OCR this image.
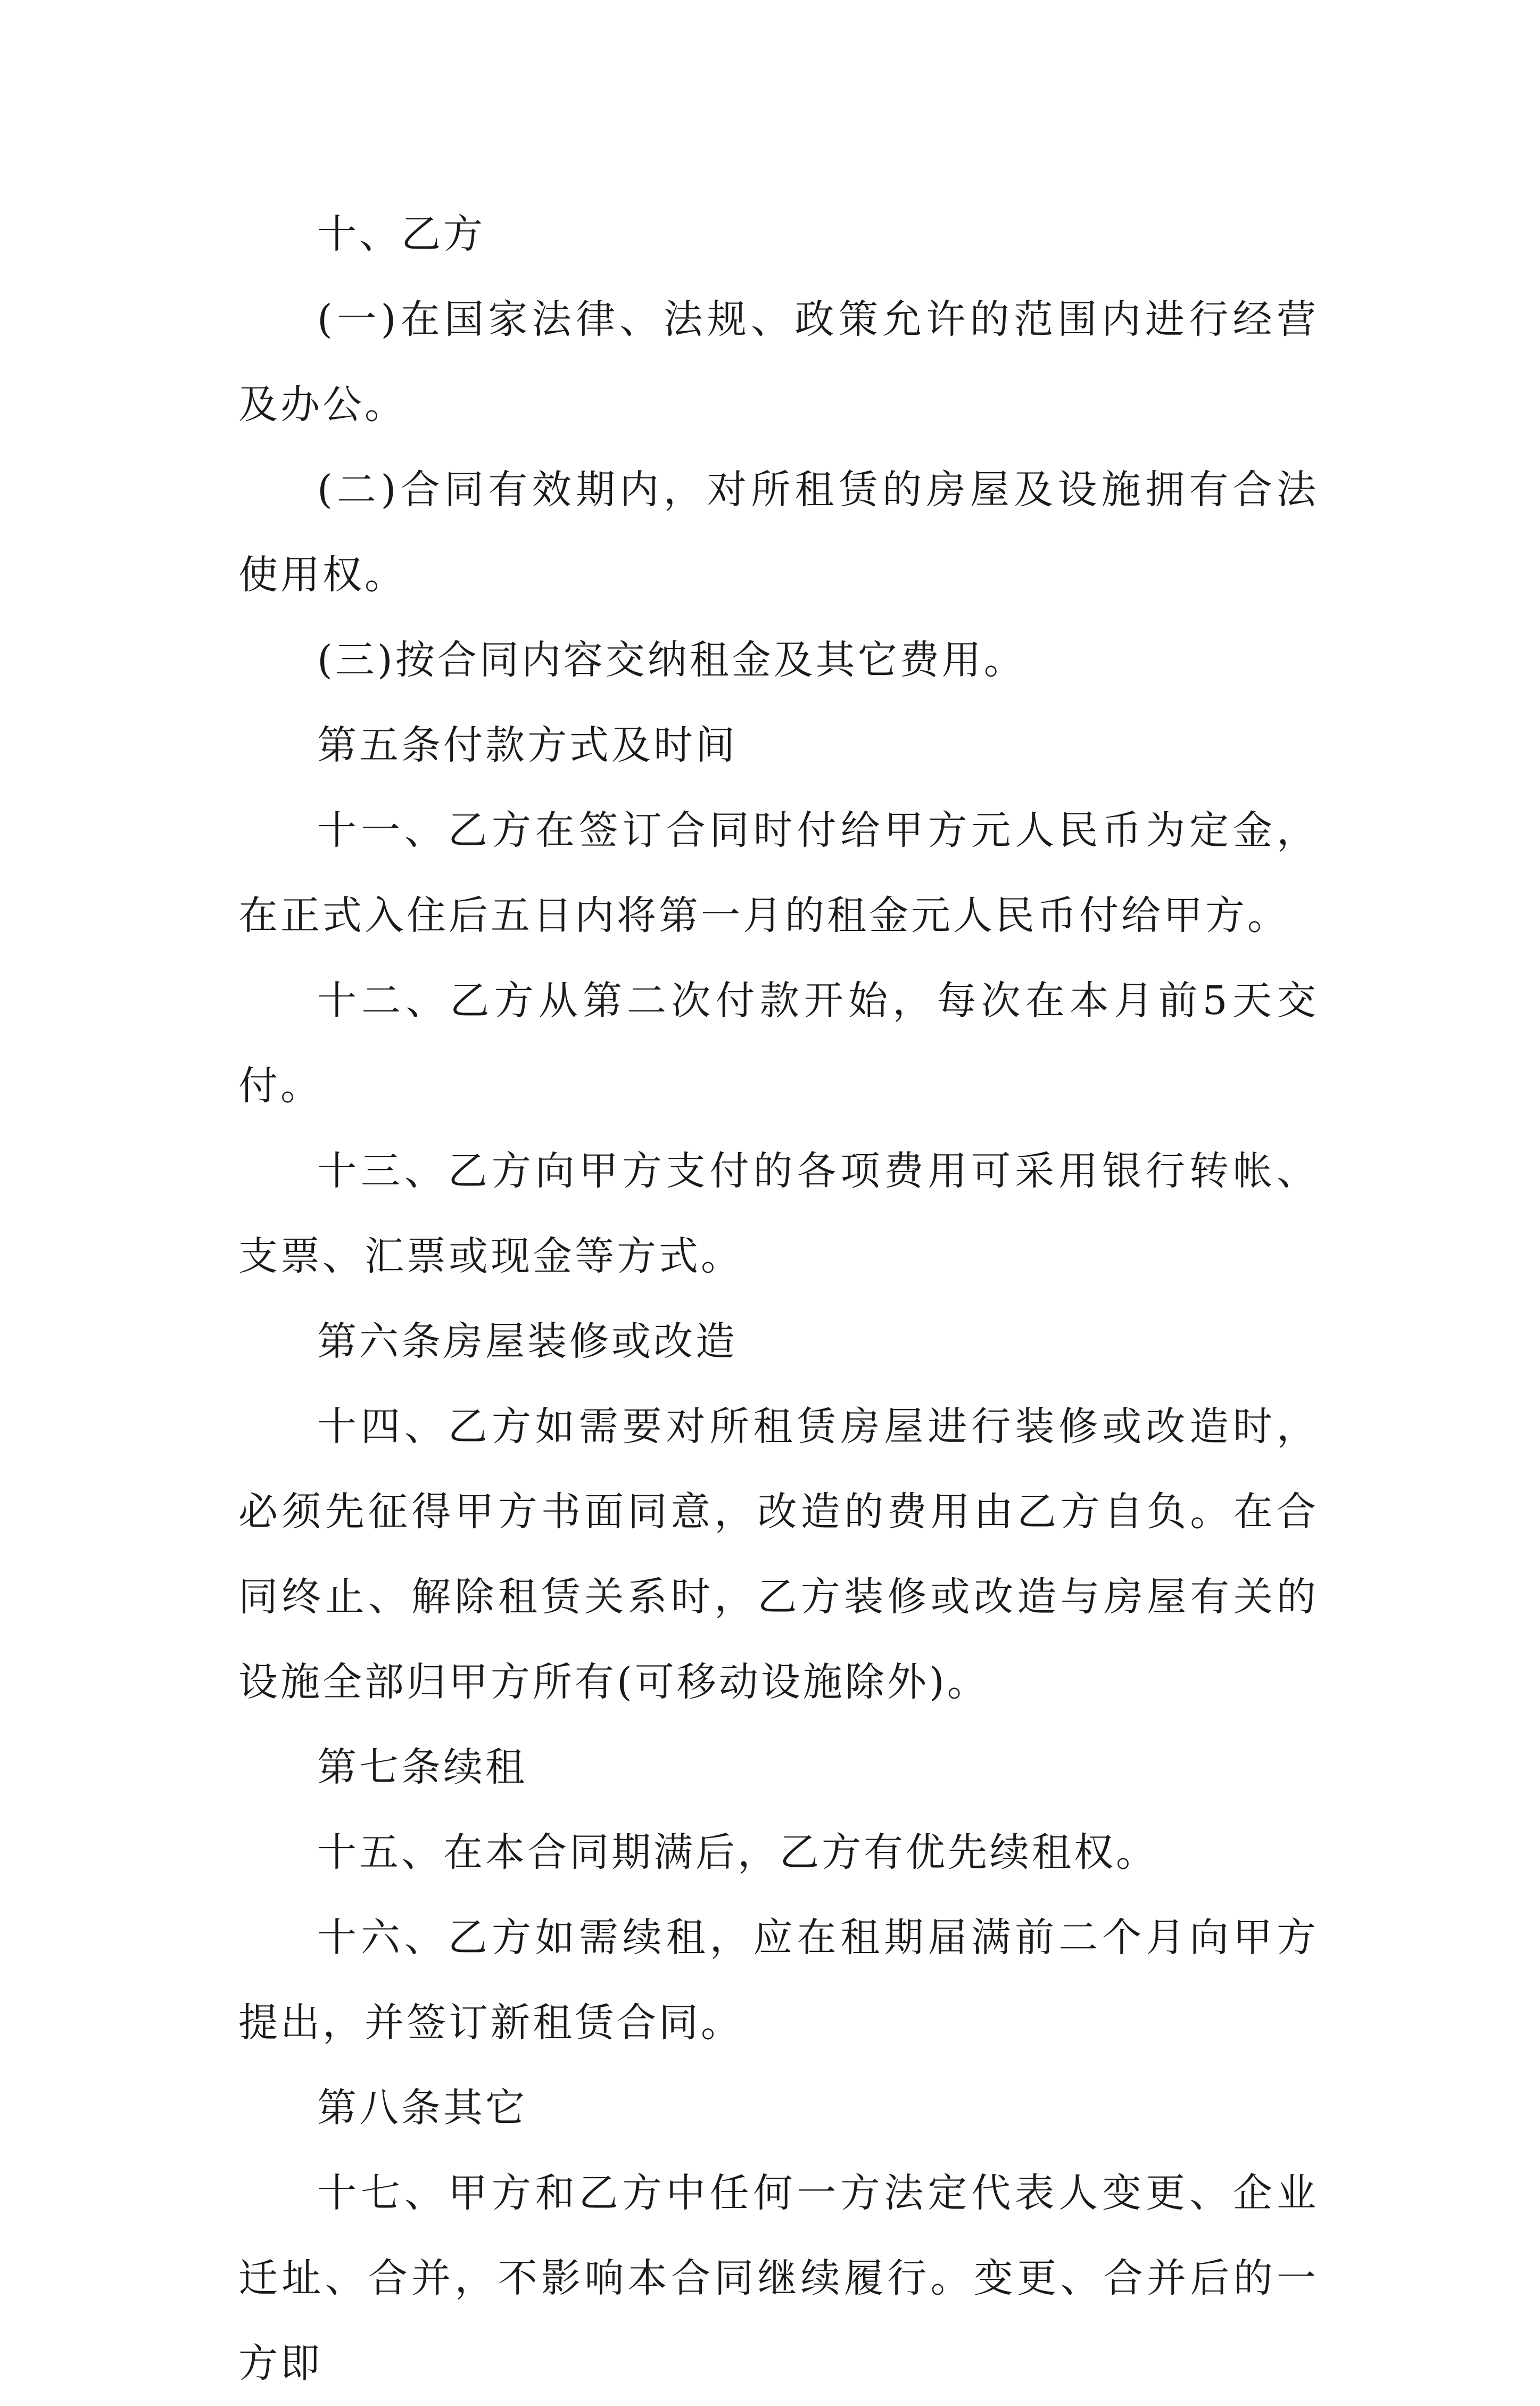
十、乙方

(一)在国家法律、法规、政策允许的范围内进行经营及办公。

(二)合同有效期内，对所租赁的房屋及设施拥有合法使用权。

(三)按合同内容交纳租金及其它费用。

第五条付款方式及时间

十一、乙方在签订合同时付给甲方元人民币为定金，在正式入住后五日内将第一月的租金元人民币付给甲方。

十二、乙方从第二次付款开始，每次在本月前5天交付。

十三、乙方向甲方支付的各项费用可采用银行转帐、支票、汇票或现金等方式。

第六条房屋装修或改造

十四、乙方如需要对所租赁房屋进行装修或改造时，必须先征得甲方书面同意，改造的费用由乙方自负。在合同终止、解除租赁关系时，乙方装修或改造与房屋有关的设施全部归甲方所有(可移动设施除外)。

第七条续租

十五、在本合同期满后，乙方有优先续租权。

十六、乙方如需续租，应在租期届满前二个月向甲方提出，并签订新租赁合同。

第八条其它

十七、甲方和乙方中任何一方法定代表人变更、企业迁址、合并，不影响本合同继续履行。变更、合并后的一方即
